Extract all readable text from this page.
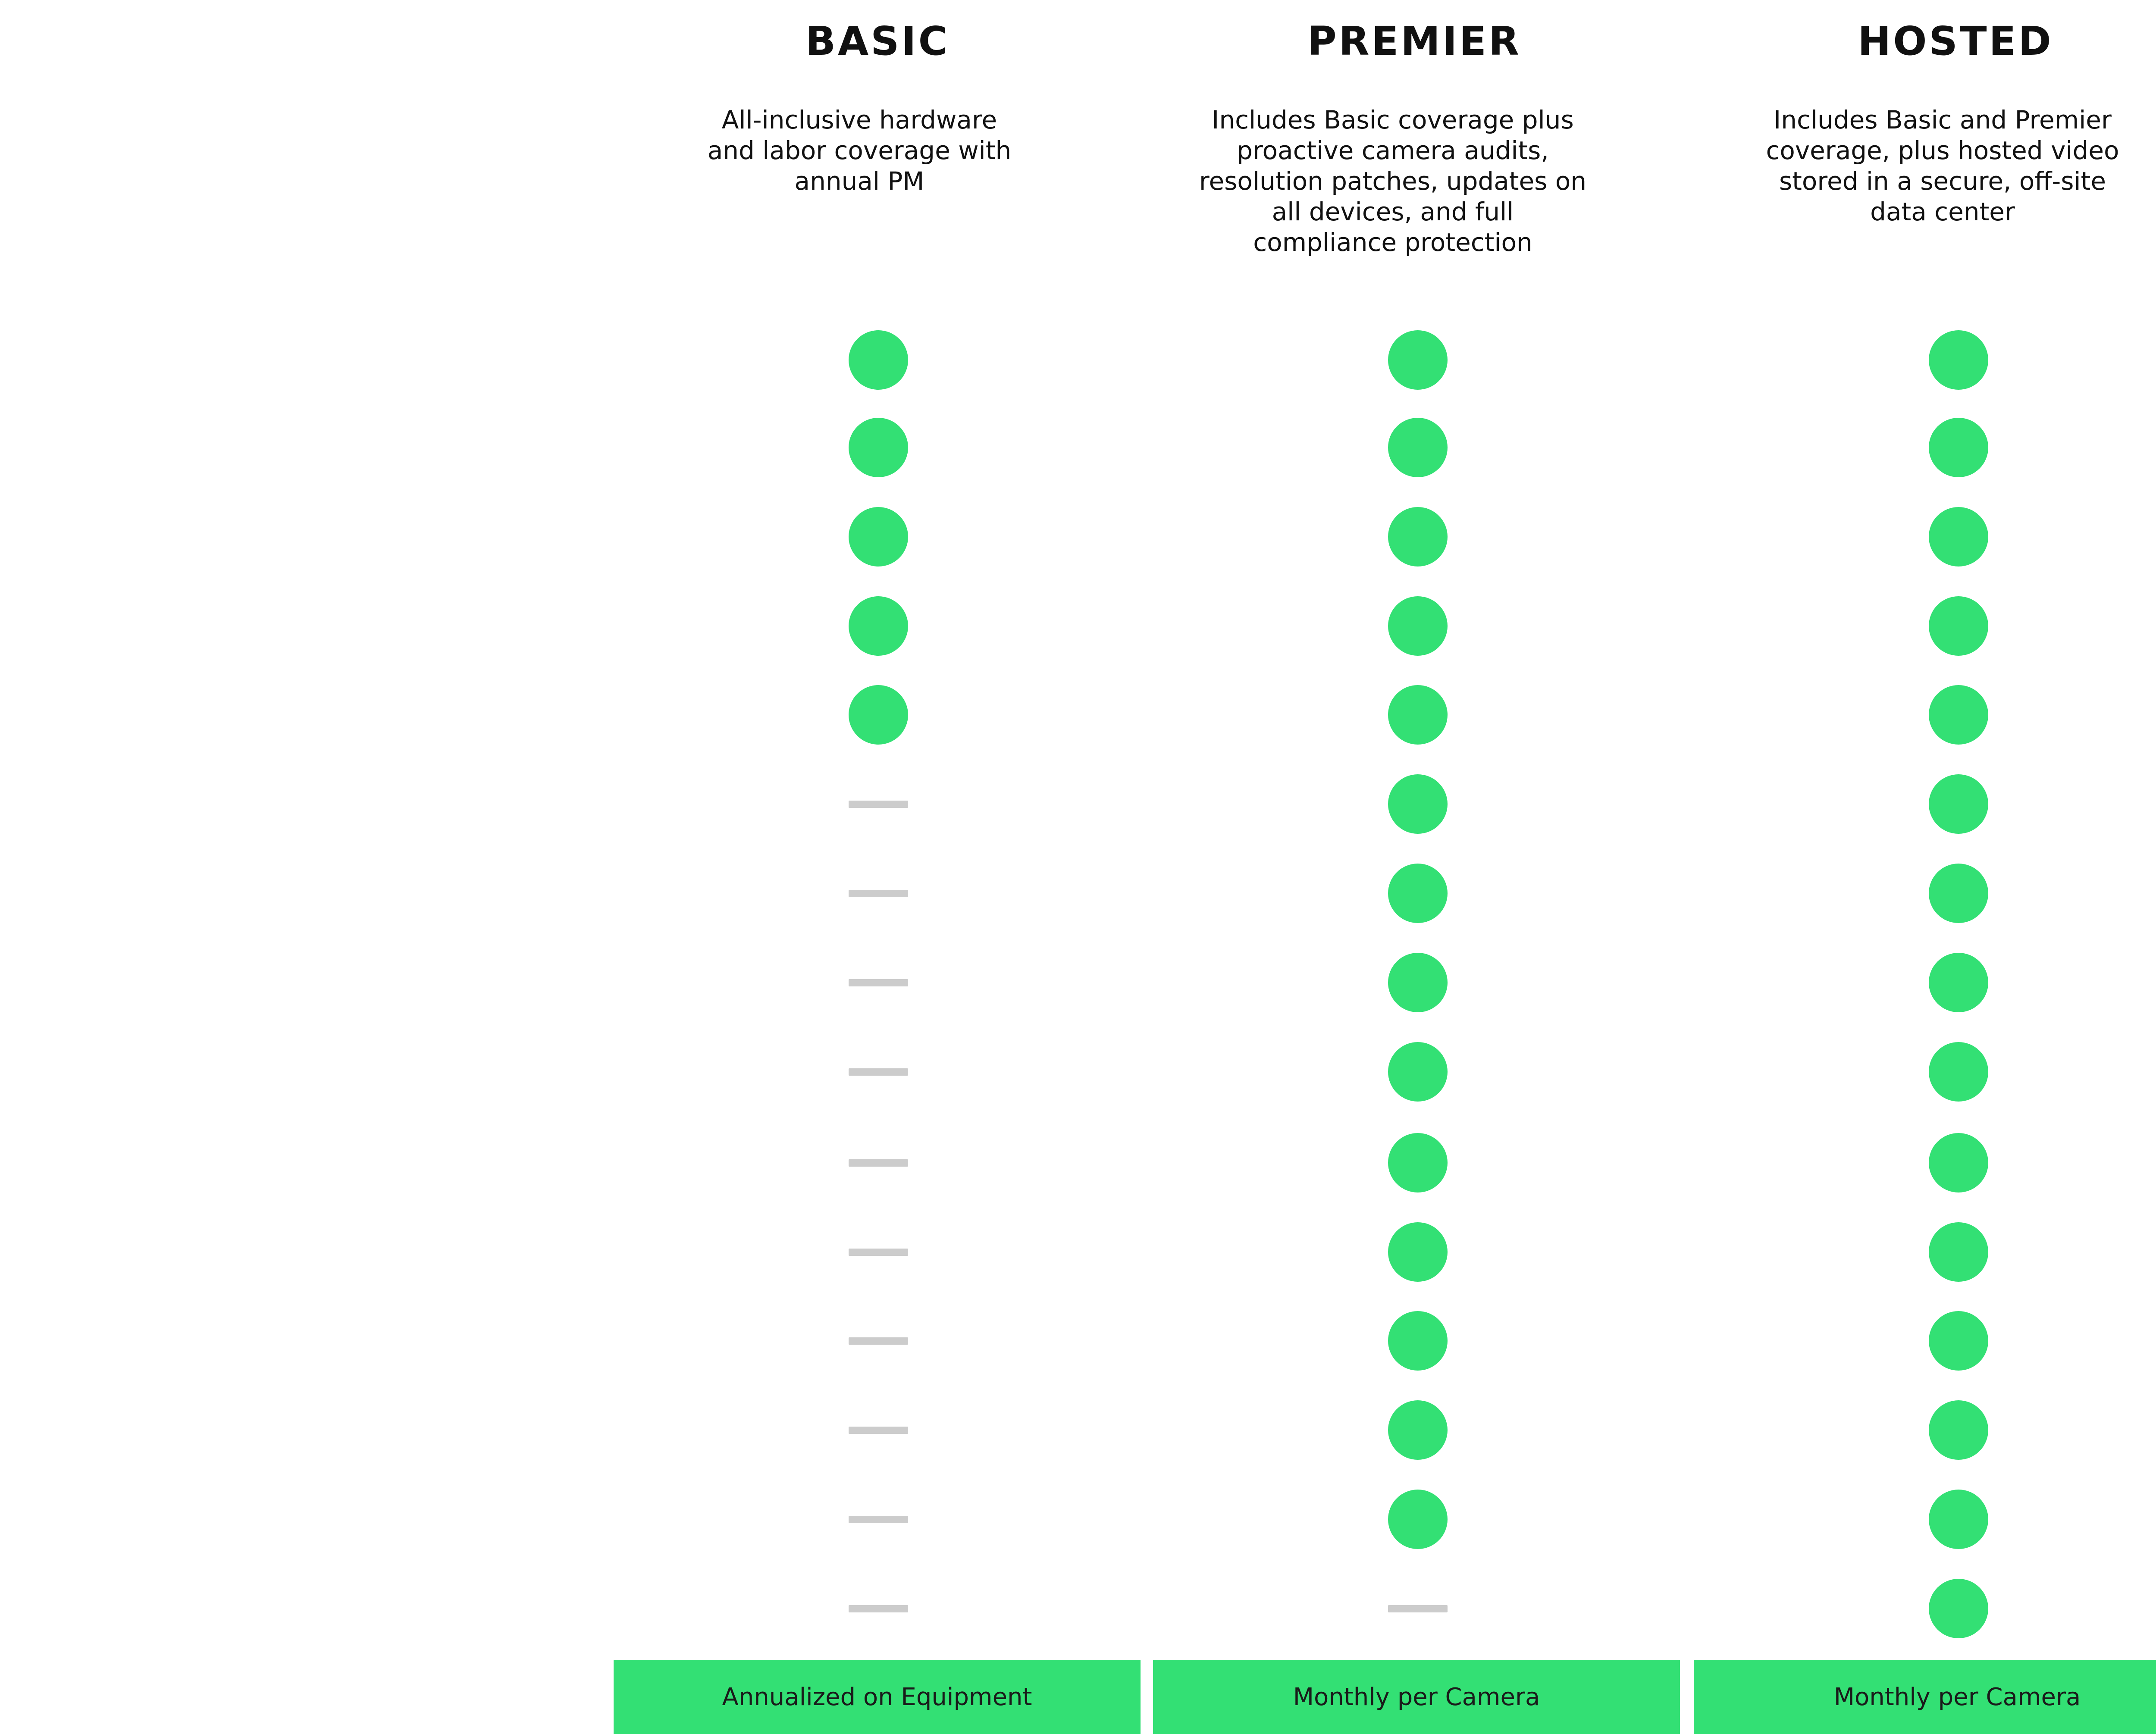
BASIC	PREMIER	HOSTED

All-inclusive hardware
and labor coverage with
annual PM

Includes Basic coverage plus
proactive camera audits,
resolution patches, updates on
all devices, and full
compliance protection

Includes Basic and Premier
coverage, plus hosted video
stored in a secure, off-site
data center

Annualized on Equipment	Monthly per Camera	Monthly per Camera
